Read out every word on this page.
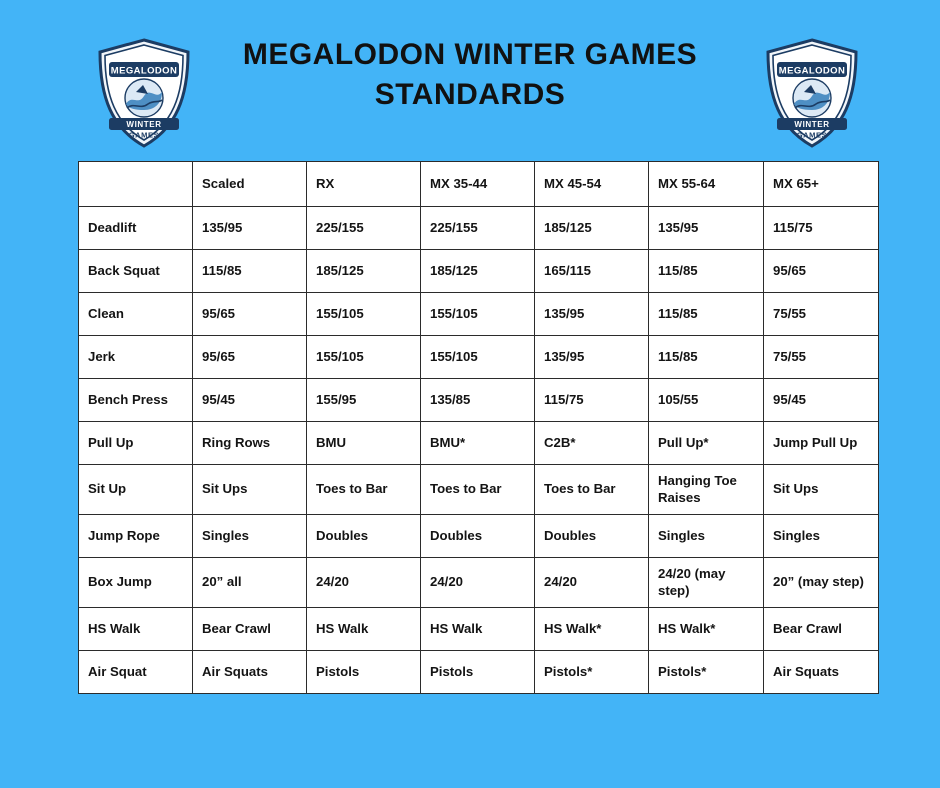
MEGALODON
WINTER
GAMES
MEGALODON WINTER GAMES
STANDARDS
MEGALODON
WINTER
GAMES
	Scaled	RX	MX 35-44	MX 45-54	MX 55-64	MX 65+
Deadlift	135/95	225/155	225/155	185/125	135/95	115/75
Back Squat	115/85	185/125	185/125	165/115	115/85	95/65
Clean	95/65	155/105	155/105	135/95	115/85	75/55
Jerk	95/65	155/105	155/105	135/95	115/85	75/55
Bench Press	95/45	155/95	135/85	115/75	105/55	95/45
Pull Up	Ring Rows	BMU	BMU*	C2B*	Pull Up*	Jump Pull Up
Sit Up	Sit Ups	Toes to Bar	Toes to Bar	Toes to Bar	Hanging Toe Raises	Sit Ups
Jump Rope	Singles	Doubles	Doubles	Doubles	Singles	Singles
Box Jump	20” all	24/20	24/20	24/20	24/20 (may step)	20” (may step)
HS Walk	Bear Crawl	HS Walk	HS Walk	HS Walk*	HS Walk*	Bear Crawl
Air Squat	Air Squats	Pistols	Pistols	Pistols*	Pistols*	Air Squats
